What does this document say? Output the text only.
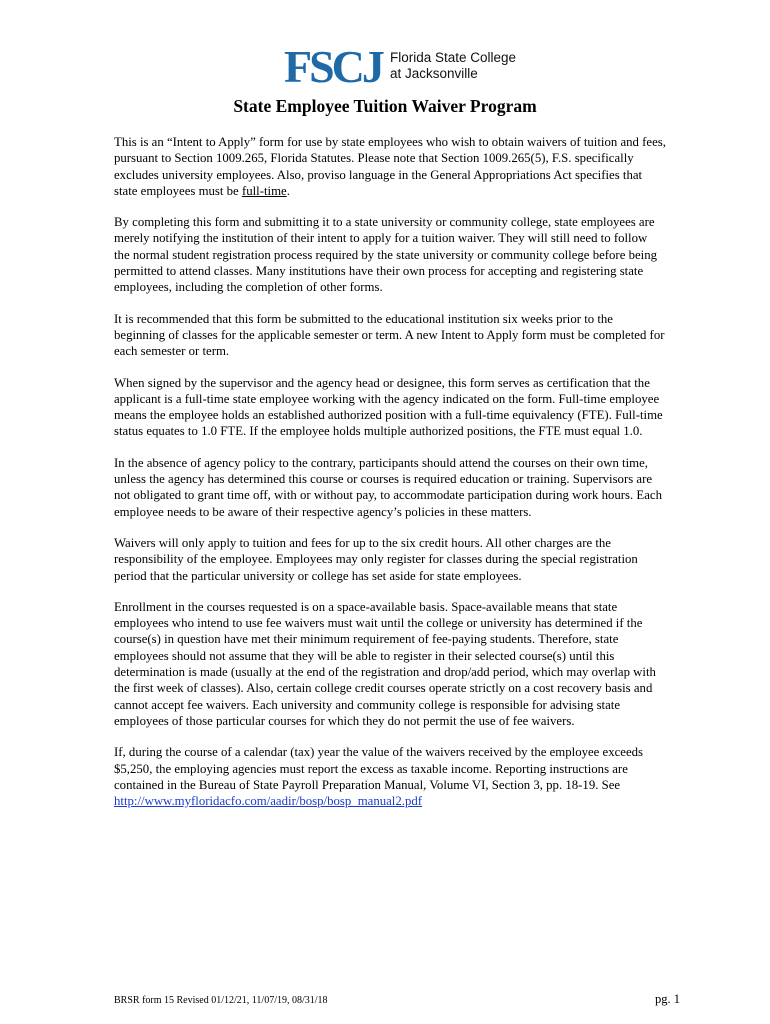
FSCJ Florida State College
at Jacksonville
State Employee Tuition Waiver Program

This is an “Intent to Apply” form for use by state employees who wish to obtain waivers of tuition and fees, pursuant to Section 1009.265, Florida Statutes. Please note that Section 1009.265(5), F.S. specifically excludes university employees. Also, proviso language in the General Appropriations Act specifies that state employees must be full-time.

By completing this form and submitting it to a state university or community college, state employees are merely notifying the institution of their intent to apply for a tuition waiver. They will still need to follow the normal student registration process required by the state university or community college before being permitted to attend classes. Many institutions have their own process for accepting and registering state employees, including the completion of other forms.

It is recommended that this form be submitted to the educational institution six weeks prior to the beginning of classes for the applicable semester or term. A new Intent to Apply form must be completed for each semester or term.

When signed by the supervisor and the agency head or designee, this form serves as certification that the applicant is a full-time state employee working with the agency indicated on the form. Full-time employee means the employee holds an established authorized position with a full-time equivalency (FTE). Full-time status equates to 1.0 FTE. If the employee holds multiple authorized positions, the FTE must equal 1.0.

In the absence of agency policy to the contrary, participants should attend the courses on their own time, unless the agency has determined this course or courses is required education or training. Supervisors are not obligated to grant time off, with or without pay, to accommodate participation during work hours. Each employee needs to be aware of their respective agency’s policies in these matters.

Waivers will only apply to tuition and fees for up to the six credit hours. All other charges are the responsibility of the employee. Employees may only register for classes during the special registration period that the particular university or college has set aside for state employees.

Enrollment in the courses requested is on a space-available basis. Space-available means that state employees who intend to use fee waivers must wait until the college or university has determined if the course(s) in question have met their minimum requirement of fee-paying students. Therefore, state employees should not assume that they will be able to register in their selected course(s) until this determination is made (usually at the end of the registration and drop/add period, which may overlap with the first week of classes). Also, certain college credit courses operate strictly on a cost recovery basis and cannot accept fee waivers. Each university and community college is responsible for advising state employees of those particular courses for which they do not permit the use of fee waivers.

If, during the course of a calendar (tax) year the value of the waivers received by the employee exceeds $5,250, the employing agencies must report the excess as taxable income. Reporting instructions are contained in the Bureau of State Payroll Preparation Manual, Volume VI, Section 3, pp. 18-19. See http://www.myfloridacfo.com/aadir/bosp/bosp_manual2.pdf

BRSR form 15 Revised 01/12/21, 11/07/19, 08/31/18	pg. 1
